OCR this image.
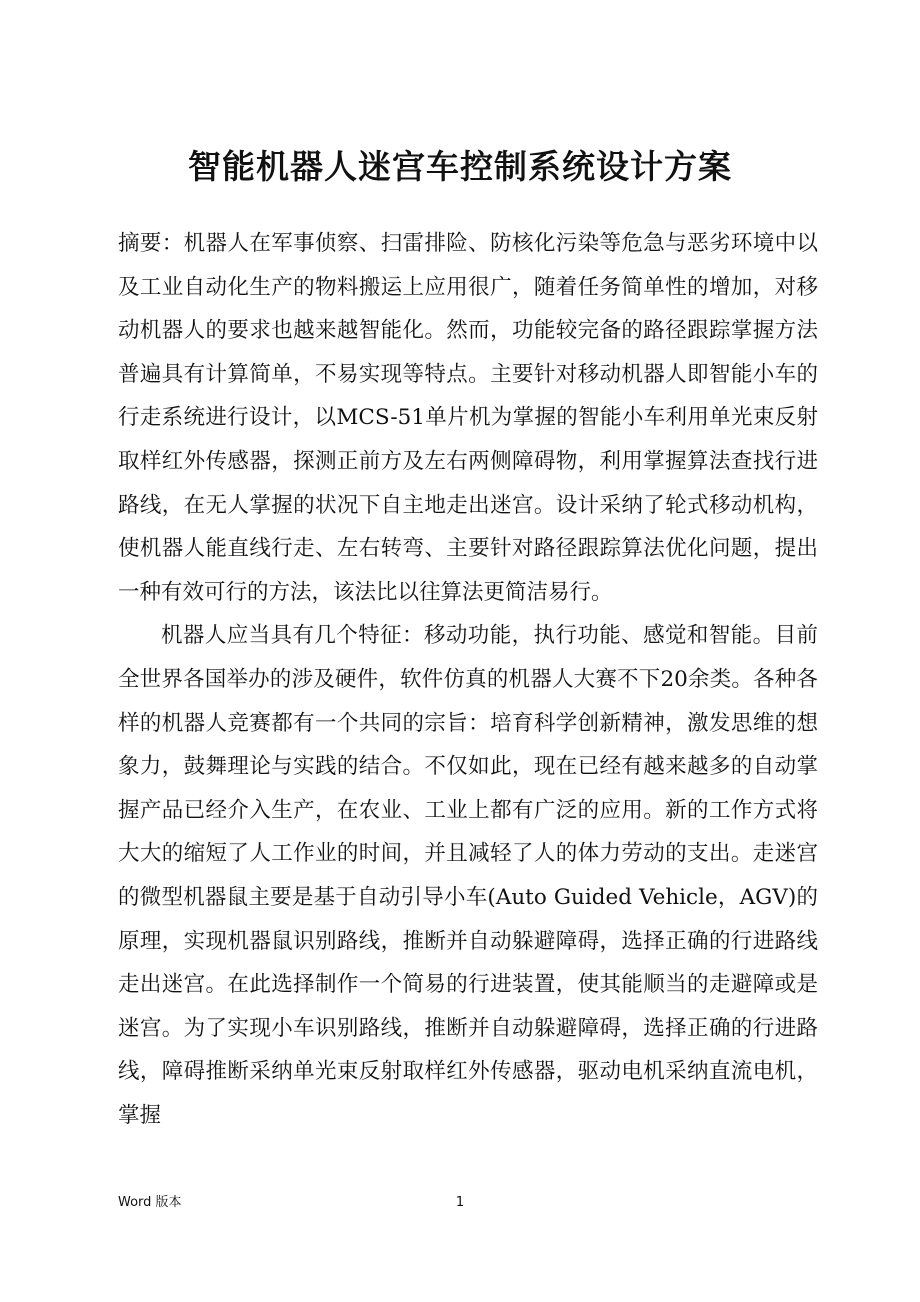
智能机器人迷宫车控制系统设计方案

摘要：机器人在军事侦察、扫雷排险、防核化污染等危急与恶劣环境中以及工业自动化生产的物料搬运上应用很广，随着任务简单性的增加，对移动机器人的要求也越来越智能化。然而，功能较完备的路径跟踪掌握方法普遍具有计算简单，不易实现等特点。主要针对移动机器人即智能小车的行走系统进行设计，以MCS-51单片机为掌握的智能小车利用单光束反射取样红外传感器，探测正前方及左右两侧障碍物，利用掌握算法查找行进路线，在无人掌握的状况下自主地走出迷宫。设计采纳了轮式移动机构，使机器人能直线行走、左右转弯、主要针对路径跟踪算法优化问题，提出一种有效可行的方法，该法比以往算法更简洁易行。

机器人应当具有几个特征：移动功能，执行功能、感觉和智能。目前全世界各国举办的涉及硬件，软件仿真的机器人大赛不下20余类。各种各样的机器人竞赛都有一个共同的宗旨：培育科学创新精神，激发思维的想象力，鼓舞理论与实践的结合。不仅如此，现在已经有越来越多的自动掌握产品已经介入生产，在农业、工业上都有广泛的应用。新的工作方式将大大的缩短了人工作业的时间，并且减轻了人的体力劳动的支出。走迷宫的微型机器鼠主要是基于自动引导小车(Auto Guided Vehicle，AGV)的原理，实现机器鼠识别路线，推断并自动躲避障碍，选择正确的行进路线走出迷宫。在此选择制作一个简易的行进装置，使其能顺当的走避障或是迷宫。为了实现小车识别路线，推断并自动躲避障碍，选择正确的行进路线，障碍推断采纳单光束反射取样红外传感器，驱动电机采纳直流电机，掌握

Word 版本	1
